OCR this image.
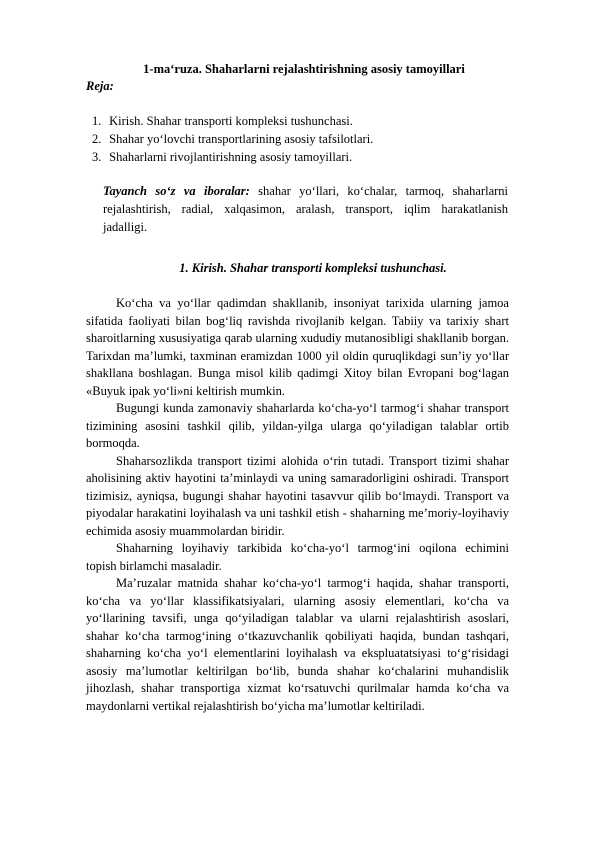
1-ma‘ruza. Shaharlarni rejalashtirishning asosiy tamoyillari
Reja:
1. Kirish. Shahar transporti kompleksi tushunchasi.
2. Shahar yo‘lovchi transportlarining asosiy tafsilotlari.
3. Shaharlarni rivojlantirishning asosiy tamoyillari.
Tayanch so‘z va iboralar: shahar yo‘llari, ko‘chalar, tarmoq, shaharlarni rejalashtirish, radial, xalqasimon, aralash, transport, iqlim harakatlanish jadalligi.
1. Kirish. Shahar transporti kompleksi tushunchasi.

Ko‘cha va yo‘llar qadimdan shakllanib, insoniyat tarixida ularning jamoa sifatida faoliyati bilan bog‘liq ravishda rivojlanib kelgan. Tabiiy va tarixiy shart sharoitlarning xususiyatiga qarab ularning xududiy mutanosibligi shakllanib borgan. Tarixdan ma’lumki, taxminan eramizdan 1000 yil oldin quruqlikdagi sun’iy yo‘llar shakllana boshlagan. Bunga misol kilib qadimgi Xitoy bilan Evropani bog‘lagan «Buyuk ipak yo‘li»ni keltirish mumkin.

Bugungi kunda zamonaviy shaharlarda ko‘cha-yo‘l tarmog‘i shahar transport tizimining asosini tashkil qilib, yildan-yilga ularga qo‘yiladigan talablar ortib bormoqda.

Shaharsozlikda transport tizimi alohida o‘rin tutadi. Transport tizimi shahar aholisining aktiv hayotini ta’minlaydi va uning samaradorligini oshiradi. Transport tizimisiz, ayniqsa, bugungi shahar hayotini tasavvur qilib bo‘lmaydi. Transport va piyodalar harakatini loyihalash va uni tashkil etish - shaharning me’moriy-loyihaviy echimida asosiy muammolardan biridir.

Shaharning loyihaviy tarkibida ko‘cha-yo‘l tarmog‘ini oqilona echimini topish birlamchi masaladir.

Ma’ruzalar matnida shahar ko‘cha-yo‘l tarmog‘i haqida, shahar transporti, ko‘cha va yo‘llar klassifikatsiyalari, ularning asosiy elementlari, ko‘cha va yo‘llarining tavsifi, unga qo‘yiladigan talablar va ularni rejalashtirish asoslari, shahar ko‘cha tarmog‘ining o‘tkazuvchanlik qobiliyati haqida, bundan tashqari, shaharning ko‘cha yo‘l elementlarini loyihalash va ekspluatatsiyasi to‘g‘risidagi asosiy ma’lumotlar keltirilgan bo‘lib, bunda shahar ko‘chalarini muhandislik jihozlash, shahar transportiga xizmat ko‘rsatuvchi qurilmalar hamda ko‘cha va maydonlarni vertikal rejalashtirish bo‘yicha ma’lumotlar keltiriladi.
